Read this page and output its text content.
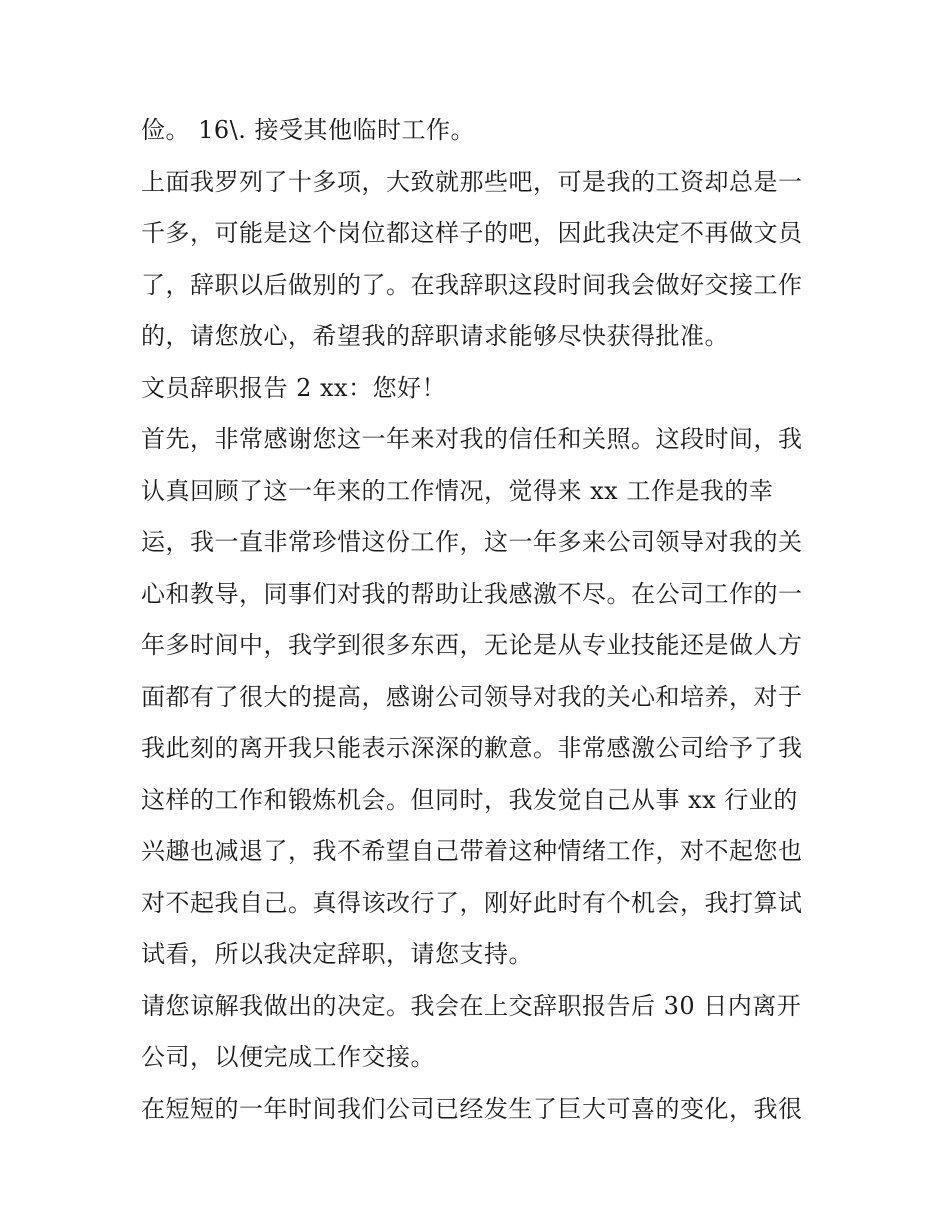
俭。 16\. 接受其他临时工作。
上面我罗列了十多项，大致就那些吧，可是我的工资却总是一
千多，可能是这个岗位都这样子的吧，因此我决定不再做文员
了，辞职以后做别的了。在我辞职这段时间我会做好交接工作
的，请您放心，希望我的辞职请求能够尽快获得批准。
文员辞职报告 2 xx：您好！
首先，非常感谢您这一年来对我的信任和关照。这段时间，我
认真回顾了这一年来的工作情况，觉得来 xx 工作是我的幸
运，我一直非常珍惜这份工作，这一年多来公司领导对我的关
心和教导，同事们对我的帮助让我感激不尽。在公司工作的一
年多时间中，我学到很多东西，无论是从专业技能还是做人方
面都有了很大的提高，感谢公司领导对我的关心和培养，对于
我此刻的离开我只能表示深深的歉意。非常感激公司给予了我
这样的工作和锻炼机会。但同时，我发觉自己从事 xx 行业的
兴趣也减退了，我不希望自己带着这种情绪工作，对不起您也
对不起我自己。真得该改行了，刚好此时有个机会，我打算试
试看，所以我决定辞职，请您支持。
请您谅解我做出的决定。我会在上交辞职报告后 30 日内离开
公司，以便完成工作交接。
在短短的一年时间我们公司已经发生了巨大可喜的变化，我很
